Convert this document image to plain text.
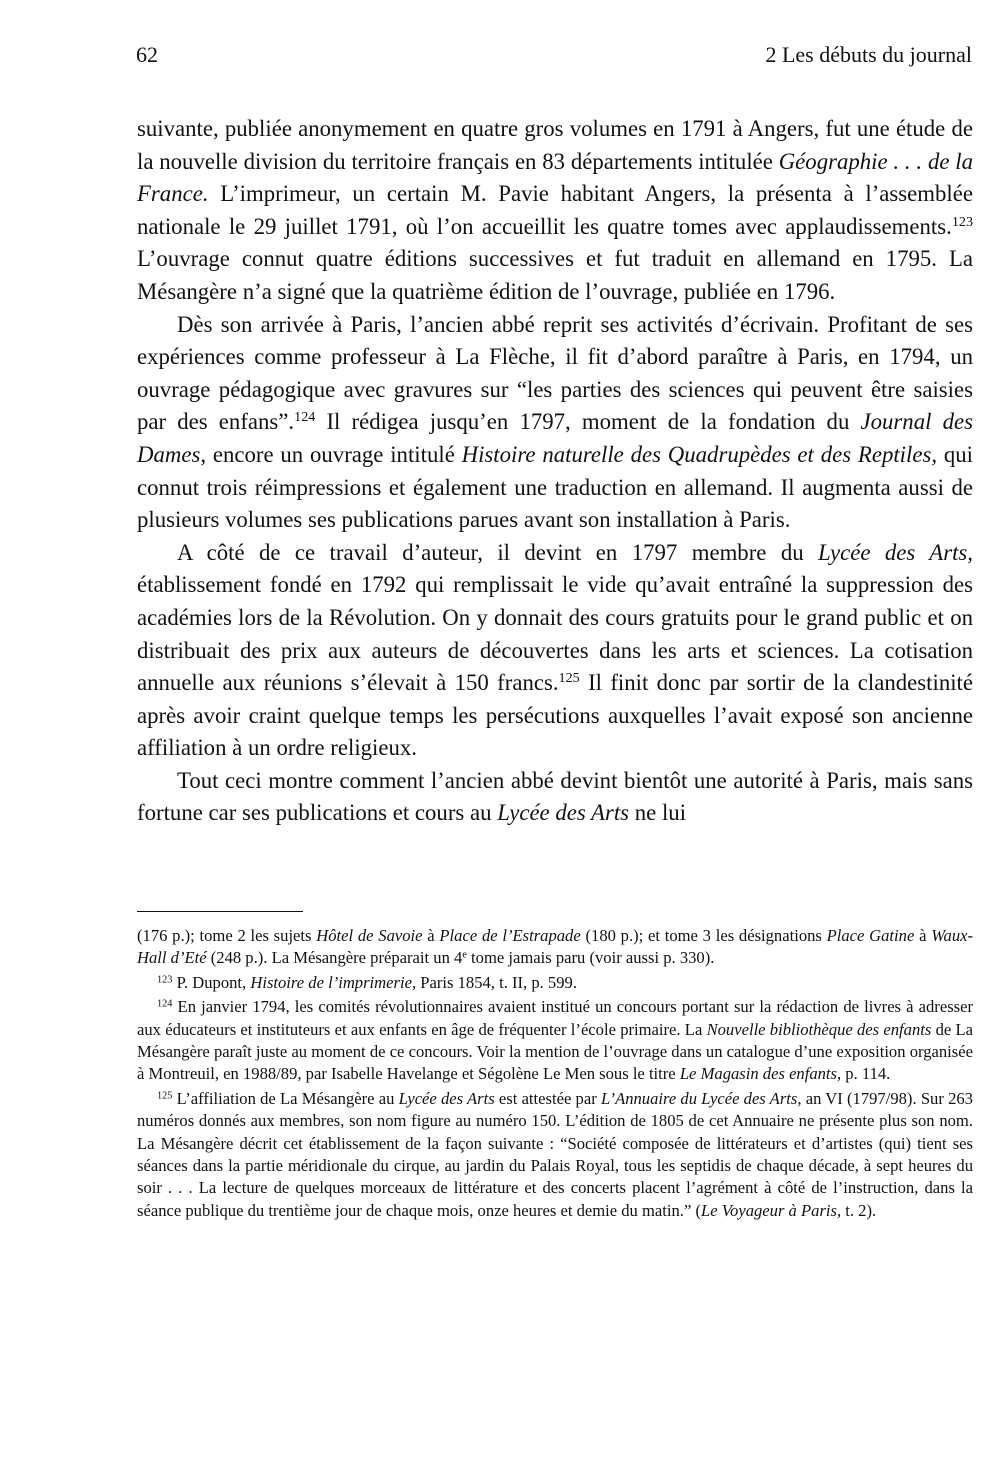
62	2 Les débuts du journal

suivante, publiée anonymement en quatre gros volumes en 1791 à Angers, fut une étude de la nouvelle division du territoire français en 83 départements intitulée Géographie . . . de la France. L’imprimeur, un certain M. Pavie habitant Angers, la présenta à l’assemblée nationale le 29 juillet 1791, où l’on accueillit les quatre tomes avec applaudissements.$^{123}$ L’ouvrage connut quatre éditions successives et fut traduit en allemand en 1795. La Mésangère n’a signé que la quatrième édition de l’ouvrage, publiée en 1796.

Dès son arrivée à Paris, l’ancien abbé reprit ses activités d’écrivain. Profitant de ses expériences comme professeur à La Flèche, il fit d’abord paraître à Paris, en 1794, un ouvrage pédagogique avec gravures sur “les parties des sciences qui peuvent être saisies par des enfans”.$^{124}$ Il rédigea jusqu’en 1797, moment de la fondation du Journal des Dames, encore un ouvrage intitulé Histoire naturelle des Quadrupèdes et des Reptiles, qui connut trois réimpressions et également une traduction en allemand. Il augmenta aussi de plusieurs volumes ses publications parues avant son installation à Paris.

A côté de ce travail d’auteur, il devint en 1797 membre du Lycée des Arts, établissement fondé en 1792 qui remplissait le vide qu’avait entraîné la suppression des académies lors de la Révolution. On y donnait des cours gratuits pour le grand public et on distribuait des prix aux auteurs de découvertes dans les arts et sciences. La cotisation annuelle aux réunions s’élevait à 150 francs.$^{125}$ Il finit donc par sortir de la clandestinité après avoir craint quelque temps les persécutions auxquelles l’avait exposé son ancienne affiliation à un ordre religieux.

Tout ceci montre comment l’ancien abbé devint bientôt une autorité à Paris, mais sans fortune car ses publications et cours au Lycée des Arts ne lui

(176 p.); tome 2 les sujets Hôtel de Savoie à Place de l’Estrapade (180 p.); et tome 3 les désignations Place Gatine à Waux-Hall d’Eté (248 p.). La Mésangère préparait un 4e tome jamais paru (voir aussi p. 330).

$^{123}$ P. Dupont, Histoire de l’imprimerie, Paris 1854, t. II, p. 599.

$^{124}$ En janvier 1794, les comités révolutionnaires avaient institué un concours portant sur la rédaction de livres à adresser aux éducateurs et instituteurs et aux enfants en âge de fréquenter l’école primaire. La Nouvelle bibliothèque des enfants de La Mésangère paraît juste au moment de ce concours. Voir la mention de l’ouvrage dans un catalogue d’une exposition organisée à Montreuil, en 1988/89, par Isabelle Havelange et Ségolène Le Men sous le titre Le Magasin des enfants, p. 114.

$^{125}$ L’affiliation de La Mésangère au Lycée des Arts est attestée par L’Annuaire du Lycée des Arts, an VI (1797/98). Sur 263 numéros donnés aux membres, son nom figure au numéro 150. L’édition de 1805 de cet Annuaire ne présente plus son nom. La Mésangère décrit cet établissement de la façon suivante : “Société composée de littérateurs et d’artistes (qui) tient ses séances dans la partie méridionale du cirque, au jardin du Palais Royal, tous les septidis de chaque décade, à sept heures du soir . . . La lecture de quelques morceaux de littérature et des concerts placent l’agrément à côté de l’instruction, dans la séance publique du trentième jour de chaque mois, onze heures et demie du matin.” (Le Voyageur à Paris, t. 2).
